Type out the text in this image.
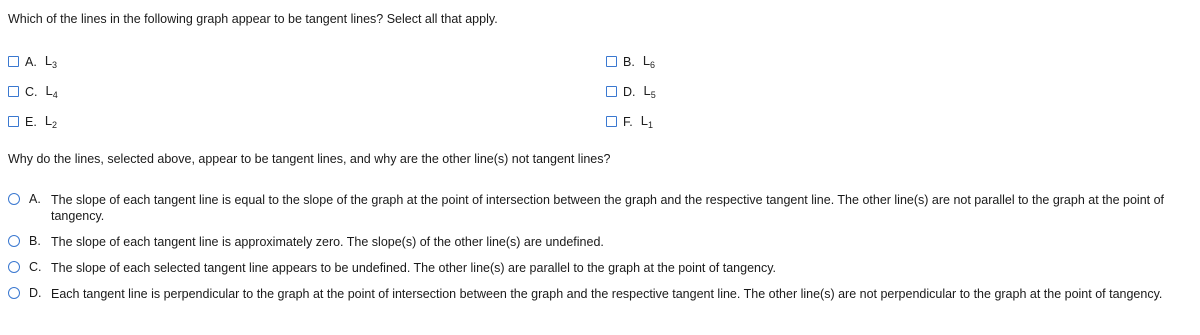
Which of the lines in the following graph appear to be tangent lines? Select all that apply.
A. $L_3$	B. $L_6$
C. $L_4$	D. $L_5$
E. $L_2$	F. $L_1$
Why do the lines, selected above, appear to be tangent lines, and why are the other line(s) not tangent lines?
A. The slope of each tangent line is equal to the slope of the graph at the point of intersection between the graph and the respective tangent line. The other line(s) are not parallel to the graph at the point of tangency.
B. The slope of each tangent line is approximately zero. The slope(s) of the other line(s) are undefined.
C. The slope of each selected tangent line appears to be undefined. The other line(s) are parallel to the graph at the point of tangency.
D. Each tangent line is perpendicular to the graph at the point of intersection between the graph and the respective tangent line. The other line(s) are not perpendicular to the graph at the point of tangency.
